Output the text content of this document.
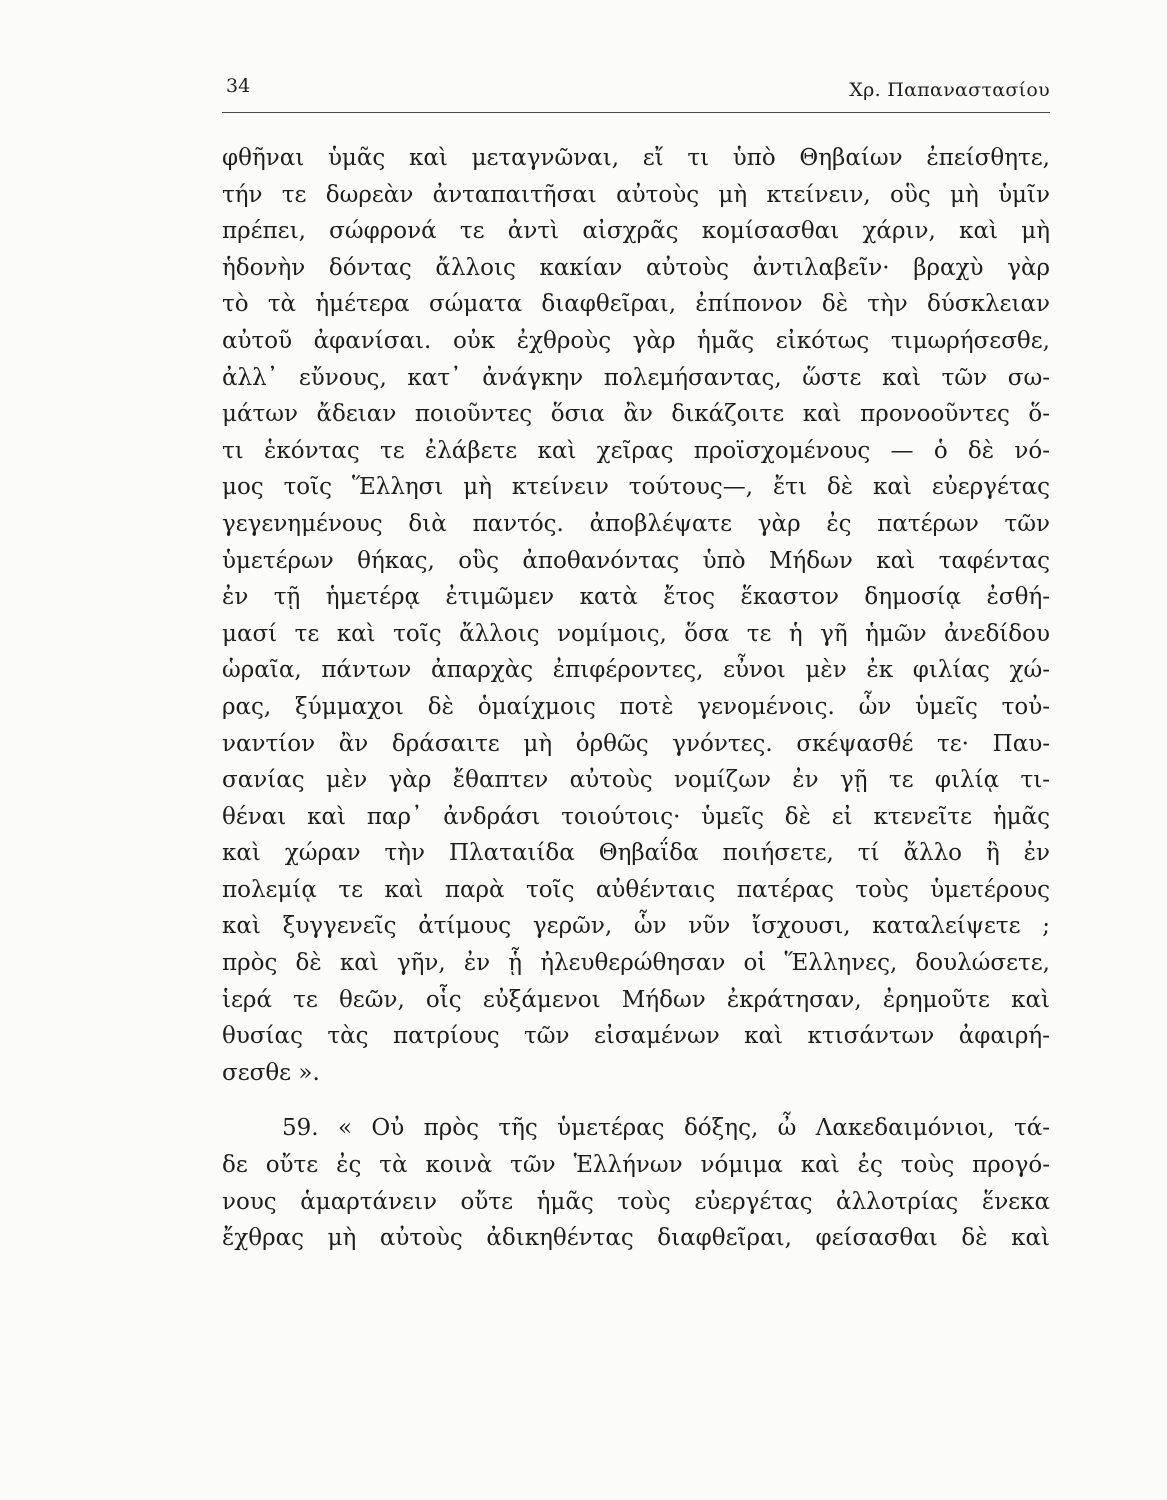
34	Χρ. Παπαναστασίου
φθῆναι ὑμᾶς καὶ μεταγνῶναι, εἴ τι ὑπὸ Θηβαίων ἐπείσθητε,
τήν τε δωρεὰν ἀνταπαιτῆσαι αὐτοὺς μὴ κτείνειν, οὓς μὴ ὑμῖν
πρέπει, σώφρονά τε ἀντὶ αἰσχρᾶς κομίσασθαι χάριν, καὶ μὴ
ἡδονὴν δόντας ἄλλοις κακίαν αὐτοὺς ἀντιλαβεῖν· βραχὺ γὰρ
τὸ τὰ ἡμέτερα σώματα διαφθεῖραι, ἐπίπονον δὲ τὴν δύσκλειαν
αὐτοῦ ἀφανίσαι. οὐκ ἐχθροὺς γὰρ ἡμᾶς εἰκότως τιμωρήσεσθε,
ἀλλ᾽ εὔνους, κατ᾽ ἀνάγκην πολεμήσαντας, ὥστε καὶ τῶν σω-
μάτων ἄδειαν ποιοῦντες ὅσια ἂν δικάζοιτε καὶ προνοοῦντες ὅ-
τι ἑκόντας τε ἐλάβετε καὶ χεῖρας προϊσχομένους — ὁ δὲ νό-
μος τοῖς Ἕλλησι μὴ κτείνειν τούτους—, ἔτι δὲ καὶ εὐεργέτας
γεγενημένους διὰ παντός. ἀποβλέψατε γὰρ ἐς πατέρων τῶν
ὑμετέρων θήκας, οὓς ἀποθανόντας ὑπὸ Μήδων καὶ ταφέντας
ἐν τῇ ἡμετέρᾳ ἐτιμῶμεν κατὰ ἔτος ἕκαστον δημοσίᾳ ἐσθή-
μασί τε καὶ τοῖς ἄλλοις νομίμοις, ὅσα τε ἡ γῆ ἡμῶν ἀνεδίδου
ὡραῖα, πάντων ἀπαρχὰς ἐπιφέροντες, εὖνοι μὲν ἐκ φιλίας χώ-
ρας, ξύμμαχοι δὲ ὁμαίχμοις ποτὲ γενομένοις. ὧν ὑμεῖς τοὐ-
ναντίον ἂν δράσαιτε μὴ ὀρθῶς γνόντες. σκέψασθέ τε· Παυ-
σανίας μὲν γὰρ ἔθαπτεν αὐτοὺς νομίζων ἐν γῇ τε φιλίᾳ τι-
θέναι καὶ παρ᾽ ἀνδράσι τοιούτοις· ὑμεῖς δὲ εἰ κτενεῖτε ἡμᾶς
καὶ χώραν τὴν Πλαταιίδα Θηβαΐδα ποιήσετε, τί ἄλλο ἢ ἐν
πολεμίᾳ τε καὶ παρὰ τοῖς αὐθένταις πατέρας τοὺς ὑμετέρους
καὶ ξυγγενεῖς ἀτίμους γερῶν, ὧν νῦν ἴσχουσι, καταλείψετε ;
πρὸς δὲ καὶ γῆν, ἐν ᾗ ἠλευθερώθησαν οἱ Ἕλληνες, δουλώσετε,
ἱερά τε θεῶν, οἷς εὐξάμενοι Μήδων ἐκράτησαν, ἐρημοῦτε καὶ
θυσίας τὰς πατρίους τῶν εἰσαμένων καὶ κτισάντων ἀφαιρή-
σεσθε ».
59. « Οὐ πρὸς τῆς ὑμετέρας δόξης, ὦ Λακεδαιμόνιοι, τά-
δε οὔτε ἐς τὰ κοινὰ τῶν Ἑλλήνων νόμιμα καὶ ἐς τοὺς προγό-
νους ἁμαρτάνειν οὔτε ἡμᾶς τοὺς εὐεργέτας ἀλλοτρίας ἕνεκα
ἔχθρας μὴ αὐτοὺς ἀδικηθέντας διαφθεῖραι, φείσασθαι δὲ καὶ
